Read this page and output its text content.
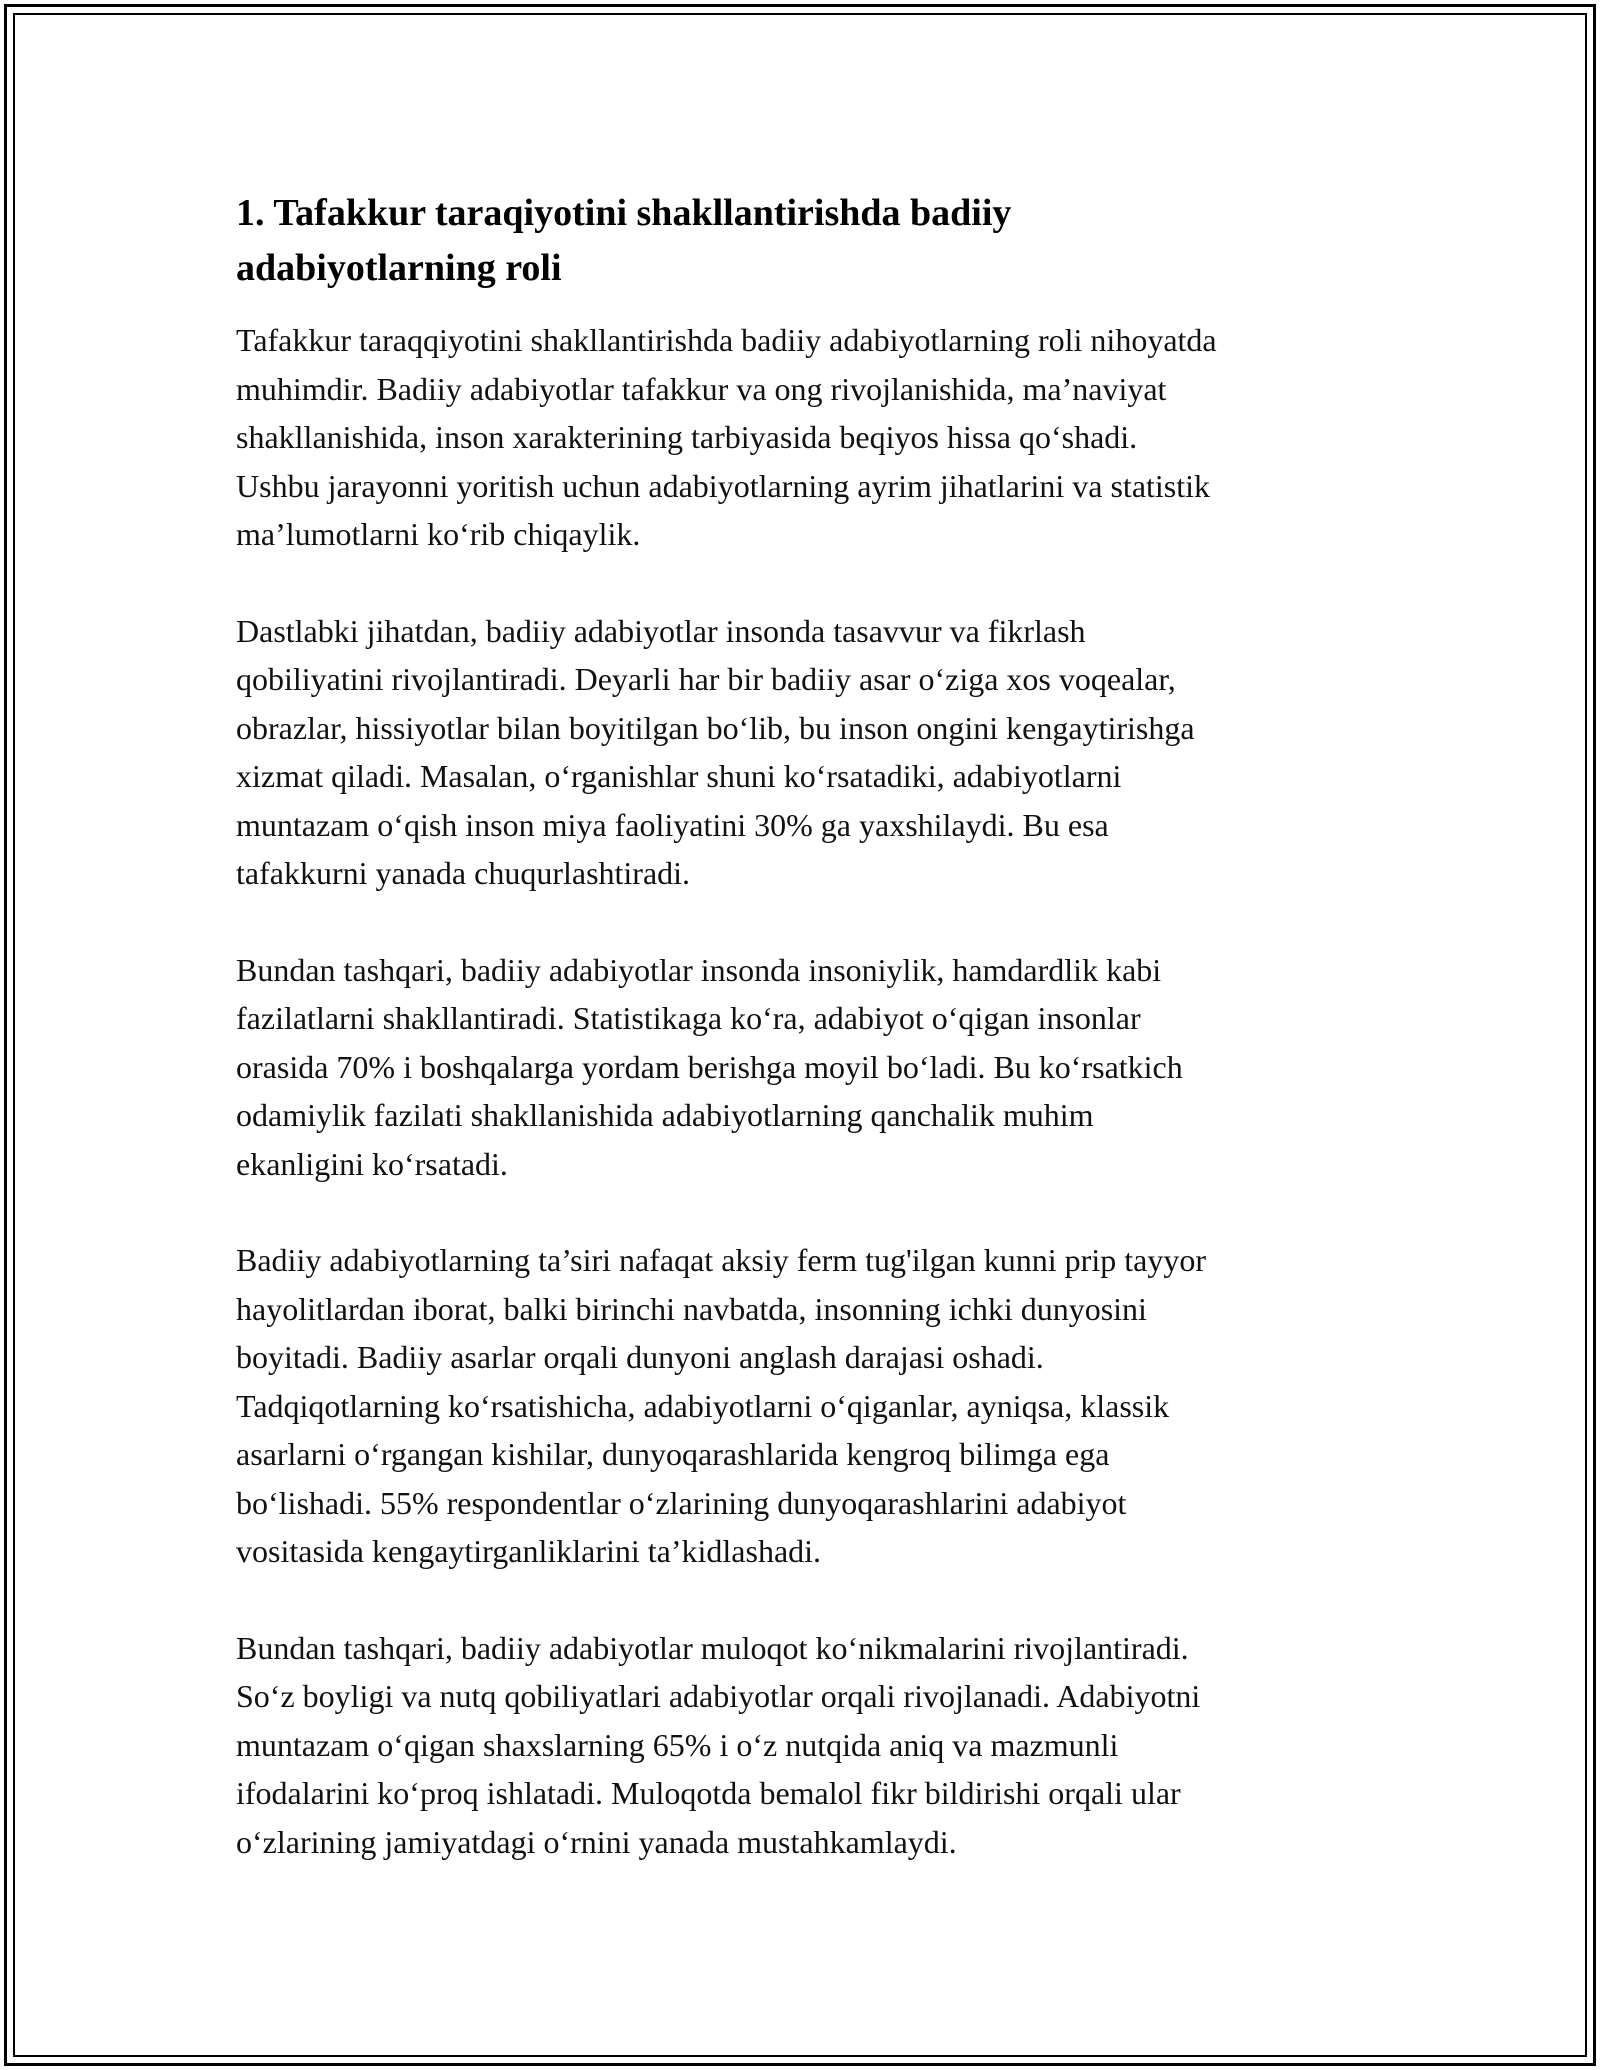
1. Tafakkur taraqiyotini shakllantirishda badiiy
adabiyotlarning roli

Tafakkur taraqqiyotini shakllantirishda badiiy adabiyotlarning roli nihoyatda
muhimdir. Badiiy adabiyotlar tafakkur va ong rivojlanishida, ma’naviyat
shakllanishida, inson xarakterining tarbiyasida beqiyos hissa qo‘shadi.
Ushbu jarayonni yoritish uchun adabiyotlarning ayrim jihatlarini va statistik
ma’lumotlarni ko‘rib chiqaylik.

Dastlabki jihatdan, badiiy adabiyotlar insonda tasavvur va fikrlash
qobiliyatini rivojlantiradi. Deyarli har bir badiiy asar o‘ziga xos voqealar,
obrazlar, hissiyotlar bilan boyitilgan bo‘lib, bu inson ongini kengaytirishga
xizmat qiladi. Masalan, o‘rganishlar shuni ko‘rsatadiki, adabiyotlarni
muntazam o‘qish inson miya faoliyatini 30% ga yaxshilaydi. Bu esa
tafakkurni yanada chuqurlashtiradi.

Bundan tashqari, badiiy adabiyotlar insonda insoniylik, hamdardlik kabi
fazilatlarni shakllantiradi. Statistikaga ko‘ra, adabiyot o‘qigan insonlar
orasida 70% i boshqalarga yordam berishga moyil bo‘ladi. Bu ko‘rsatkich
odamiylik fazilati shakllanishida adabiyotlarning qanchalik muhim
ekanligini ko‘rsatadi.

Badiiy adabiyotlarning ta’siri nafaqat aksiy ferm tug'ilgan kunni prip tayyor
hayolitlardan iborat, balki birinchi navbatda, insonning ichki dunyosini
boyitadi. Badiiy asarlar orqali dunyoni anglash darajasi oshadi.
Tadqiqotlarning ko‘rsatishicha, adabiyotlarni o‘qiganlar, ayniqsa, klassik
asarlarni o‘rgangan kishilar, dunyoqarashlarida kengroq bilimga ega
bo‘lishadi. 55% respondentlar o‘zlarining dunyoqarashlarini adabiyot
vositasida kengaytirganliklarini ta’kidlashadi.

Bundan tashqari, badiiy adabiyotlar muloqot ko‘nikmalarini rivojlantiradi.
So‘z boyligi va nutq qobiliyatlari adabiyotlar orqali rivojlanadi. Adabiyotni
muntazam o‘qigan shaxslarning 65% i o‘z nutqida aniq va mazmunli
ifodalarini ko‘proq ishlatadi. Muloqotda bemalol fikr bildirishi orqali ular
o‘zlarining jamiyatdagi o‘rnini yanada mustahkamlaydi.
